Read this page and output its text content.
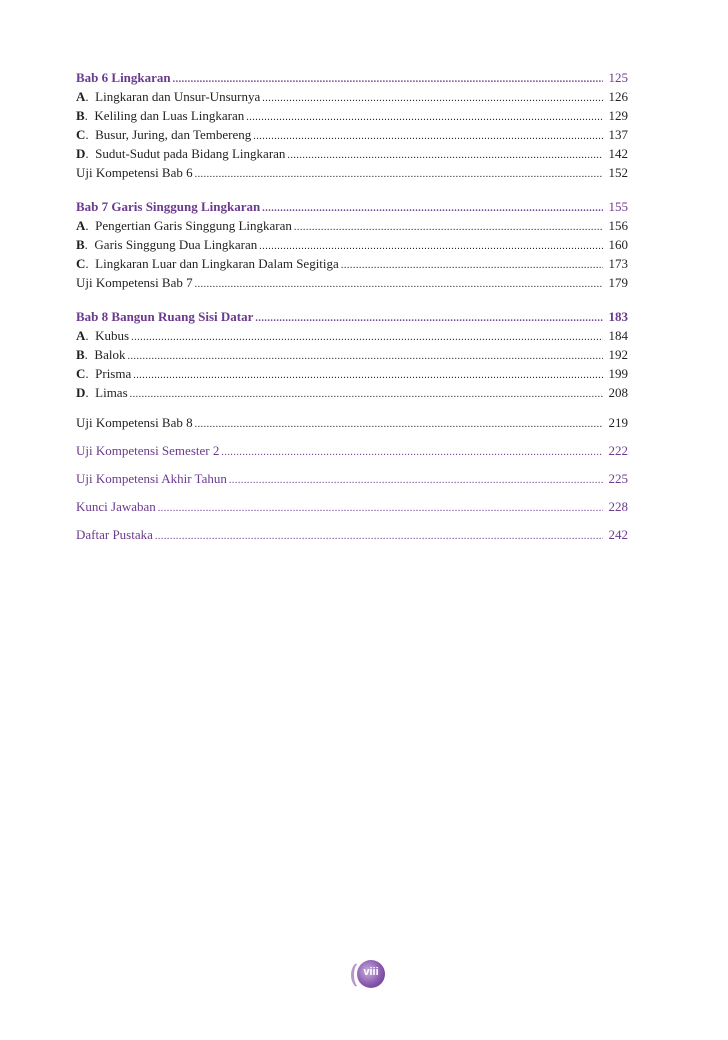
Bab 6 Lingkaran .....	125
A.  Lingkaran dan Unsur-Unsurnya .....	126
B.  Keliling dan Luas Lingkaran .....	129
C.  Busur, Juring, dan Tembereng .....	137
D.  Sudut-Sudut pada Bidang Lingkaran .....	142
Uji Kompetensi Bab 6 .....	152
Bab 7 Garis Singgung Lingkaran .....	155
A.  Pengertian Garis Singgung Lingkaran .....	156
B.  Garis Singgung Dua Lingkaran .....	160
C.  Lingkaran Luar dan Lingkaran Dalam Segitiga .....	173
Uji Kompetensi Bab 7 .....	179
Bab 8 Bangun Ruang Sisi Datar .....	183
A.  Kubus .....	184
B.  Balok .....	192
C.  Prisma .....	199
D.  Limas .....	208
Uji Kompetensi Bab 8 .....	219
Uji Kompetensi Semester 2 .....	222
Uji Kompetensi Akhir Tahun .....	225
Kunci Jawaban .....	228
Daftar Pustaka .....	242
viii
